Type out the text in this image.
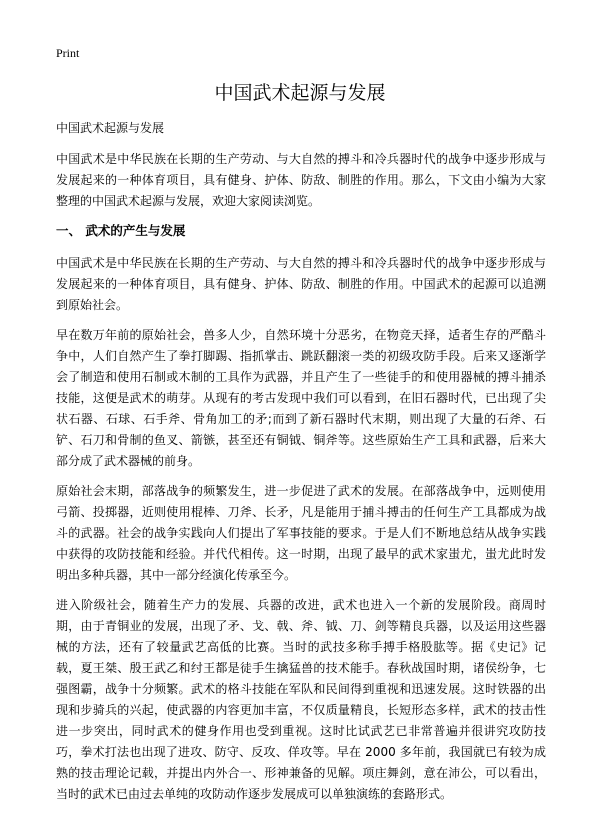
Print
中国武术起源与发展
中国武术起源与发展

中国武术是中华民族在长期的生产劳动、与大自然的搏斗和冷兵器时代的战争中逐步形成与发展起来的一种体育项目，具有健身、护体、防敌、制胜的作用。那么，下文由小编为大家整理的中国武术起源与发展，欢迎大家阅读浏览。

一、 武术的产生与发展

中国武术是中华民族在长期的生产劳动、与大自然的搏斗和冷兵器时代的战争中逐步形成与发展起来的一种体育项目，具有健身、护体、防敌、制胜的作用。中国武术的起源可以追溯到原始社会。

早在数万年前的原始社会，兽多人少，自然环境十分恶劣，在物竞天择，适者生存的严酷斗争中，人们自然产生了拳打脚踢、指抓掌击、跳跃翻滚一类的初级攻防手段。后来又逐渐学会了制造和使用石制或木制的工具作为武器，并且产生了一些徒手的和使用器械的搏斗捕杀技能，这便是武术的萌芽。从现有的考古发现中我们可以看到，在旧石器时代，已出现了尖状石器、石球、石手斧、骨角加工的矛;而到了新石器时代末期，则出现了大量的石斧、石铲、石刀和骨制的鱼叉、箭镞，甚至还有铜钺、铜斧等。这些原始生产工具和武器，后来大部分成了武术器械的前身。

原始社会末期，部落战争的频繁发生，进一步促进了武术的发展。在部落战争中，远则使用弓箭、投掷器，近则使用棍棒、刀斧、长矛，凡是能用于捕斗搏击的任何生产工具都成为战斗的武器。社会的战争实践向人们提出了军事技能的要求。于是人们不断地总结从战争实践中获得的攻防技能和经验。并代代相传。这一时期，出现了最早的武术家蚩尤，蚩尤此时发明出多种兵器，其中一部分经演化传承至今。

进入阶级社会，随着生产力的发展、兵器的改进，武术也进入一个新的发展阶段。商周时期，由于青铜业的发展，出现了矛、戈、戟、斧、钺、刀、剑等精良兵器，以及运用这些器械的方法，还有了较量武艺高低的比赛。当时的武技多称手搏手格股肱等。据《史记》记载，夏王桀、殷王武乙和纣王都是徒手生擒猛兽的技术能手。春秋战国时期，诸侯纷争，七强图霸，战争十分频繁。武术的格斗技能在军队和民间得到重视和迅速发展。这时铁器的出现和步骑兵的兴起，使武器的内容更加丰富，不仅质量精良，长短形态多样，武术的技击性进一步突出，同时武术的健身作用也受到重视。这时比试武艺已非常普遍并很讲究攻防技巧，拳术打法也出现了进攻、防守、反攻、佯攻等。早在 2000 多年前，我国就已有较为成熟的技击理论记载，并提出内外合一、形神兼备的见解。项庄舞剑，意在沛公，可以看出，当时的武术已由过去单纯的攻防动作逐步发展成可以单独演练的套路形式。
